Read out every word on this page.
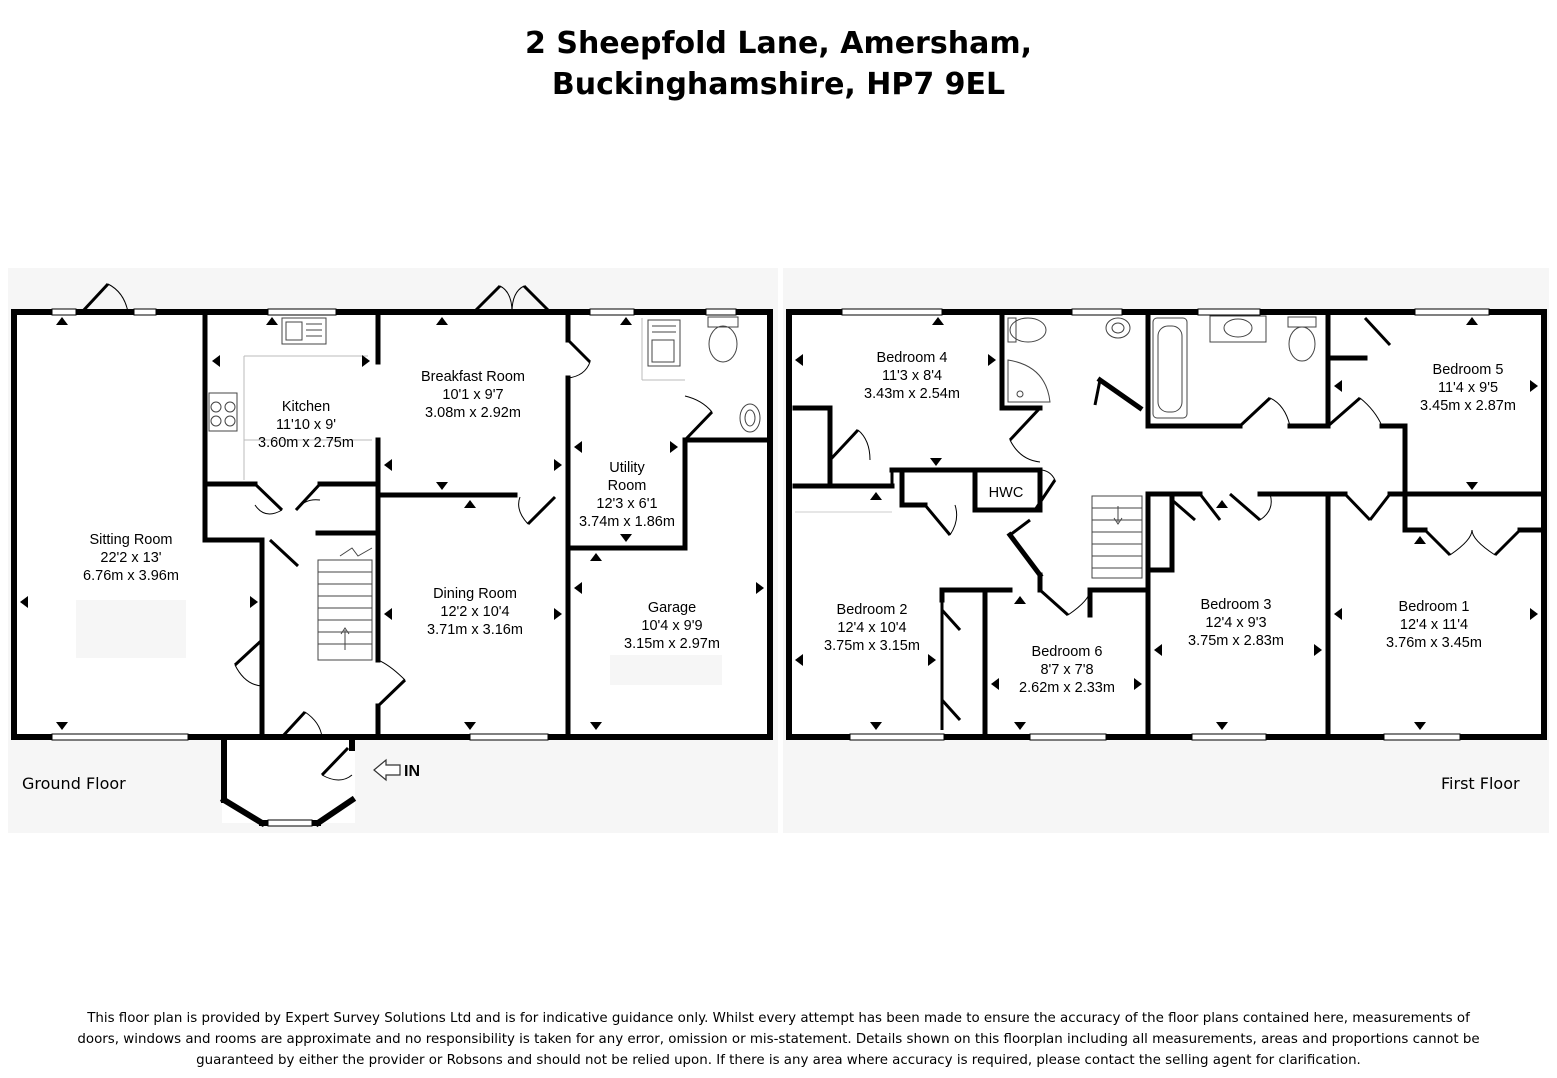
2 Sheepfold Lane, Amersham,
Buckinghamshire, HP7 9EL
Sitting Room
22'2 x 13'
6.76m x 3.96m
Kitchen
11'10 x 9'
3.60m x 2.75m
Breakfast Room
10'1 x 9'7
3.08m x 2.92m
Utility
Room
12'3 x 6'1
3.74m x 1.86m
Dining Room
12'2 x 10'4
3.71m x 3.16m
Garage
10'4 x 9'9
3.15m x 2.97m
IN
Ground Floor
Bedroom 4
11'3 x 8'4
3.43m x 2.54m
Bedroom 5
11'4 x 9'5
3.45m x 2.87m
Bedroom 2
12'4 x 10'4
3.75m x 3.15m	Bedroom 6
8'7 x 7'8
2.62m x 2.33m
Bedroom 3
12'4 x 9'3
3.75m x 2.83m
Bedroom 1
12'4 x 11'4
3.76m x 3.45m
HWC
First Floor
This floor plan is provided by Expert Survey Solutions Ltd and is for indicative guidance only. Whilst every attempt has been made to ensure the accuracy of the floor plans contained here, measurements of
doors, windows and rooms are approximate and no responsibility is taken for any error, omission or mis-statement. Details shown on this floorplan including all measurements, areas and proportions cannot be
guaranteed by either the provider or Robsons and should not be relied upon. If there is any area where accuracy is required, please contact the selling agent for clarification.
